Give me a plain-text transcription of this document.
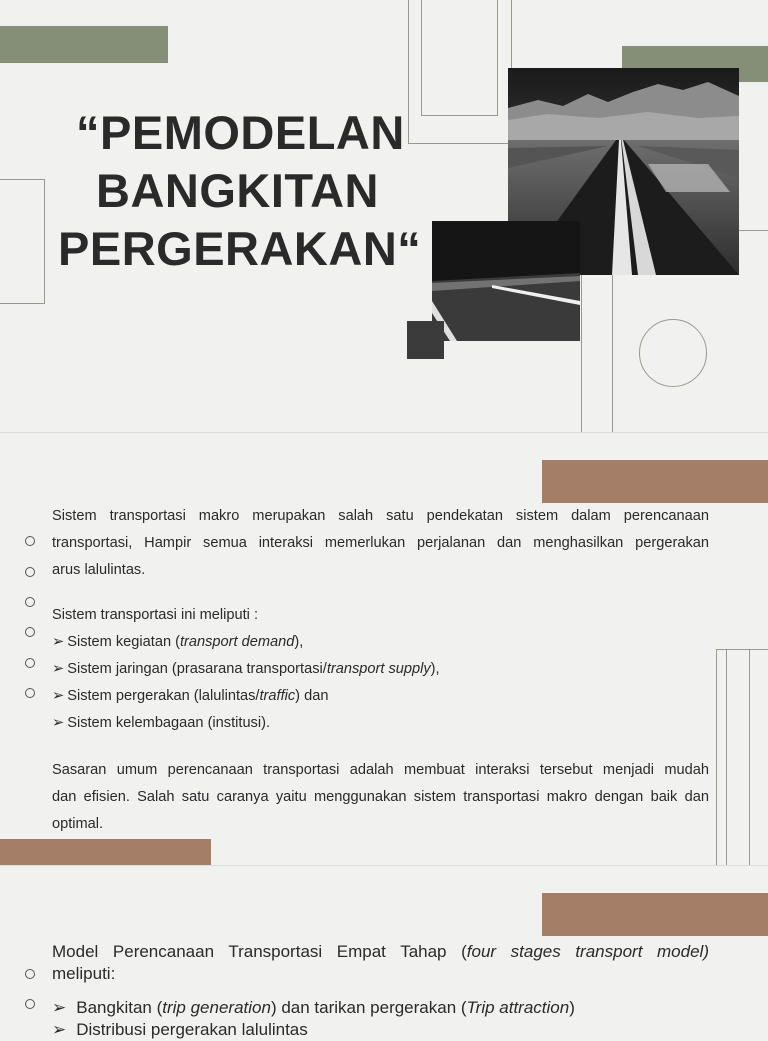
“PEMODELAN
BANGKITAN
PERGERAKAN“
Sistem transportasi makro merupakan salah satu pendekatan sistem dalam perencanaan
transportasi, Hampir semua interaksi memerlukan perjalanan dan menghasilkan pergerakan
arus lalulintas.
Sistem transportasi ini meliputi :
➢ Sistem kegiatan (transport demand),
➢ Sistem jaringan (prasarana transportasi/transport supply),
➢ Sistem pergerakan (lalulintas/traffic) dan
➢ Sistem kelembagaan (institusi).
Sasaran umum perencanaan transportasi adalah membuat interaksi tersebut menjadi mudah
dan efisien. Salah satu caranya yaitu menggunakan sistem transportasi makro dengan baik dan
optimal.
Model Perencanaan Transportasi Empat Tahap (four stages transport model)
meliputi:
➢ Bangkitan (trip generation) dan tarikan pergerakan (Trip attraction)
➢ Distribusi pergerakan lalulintas
